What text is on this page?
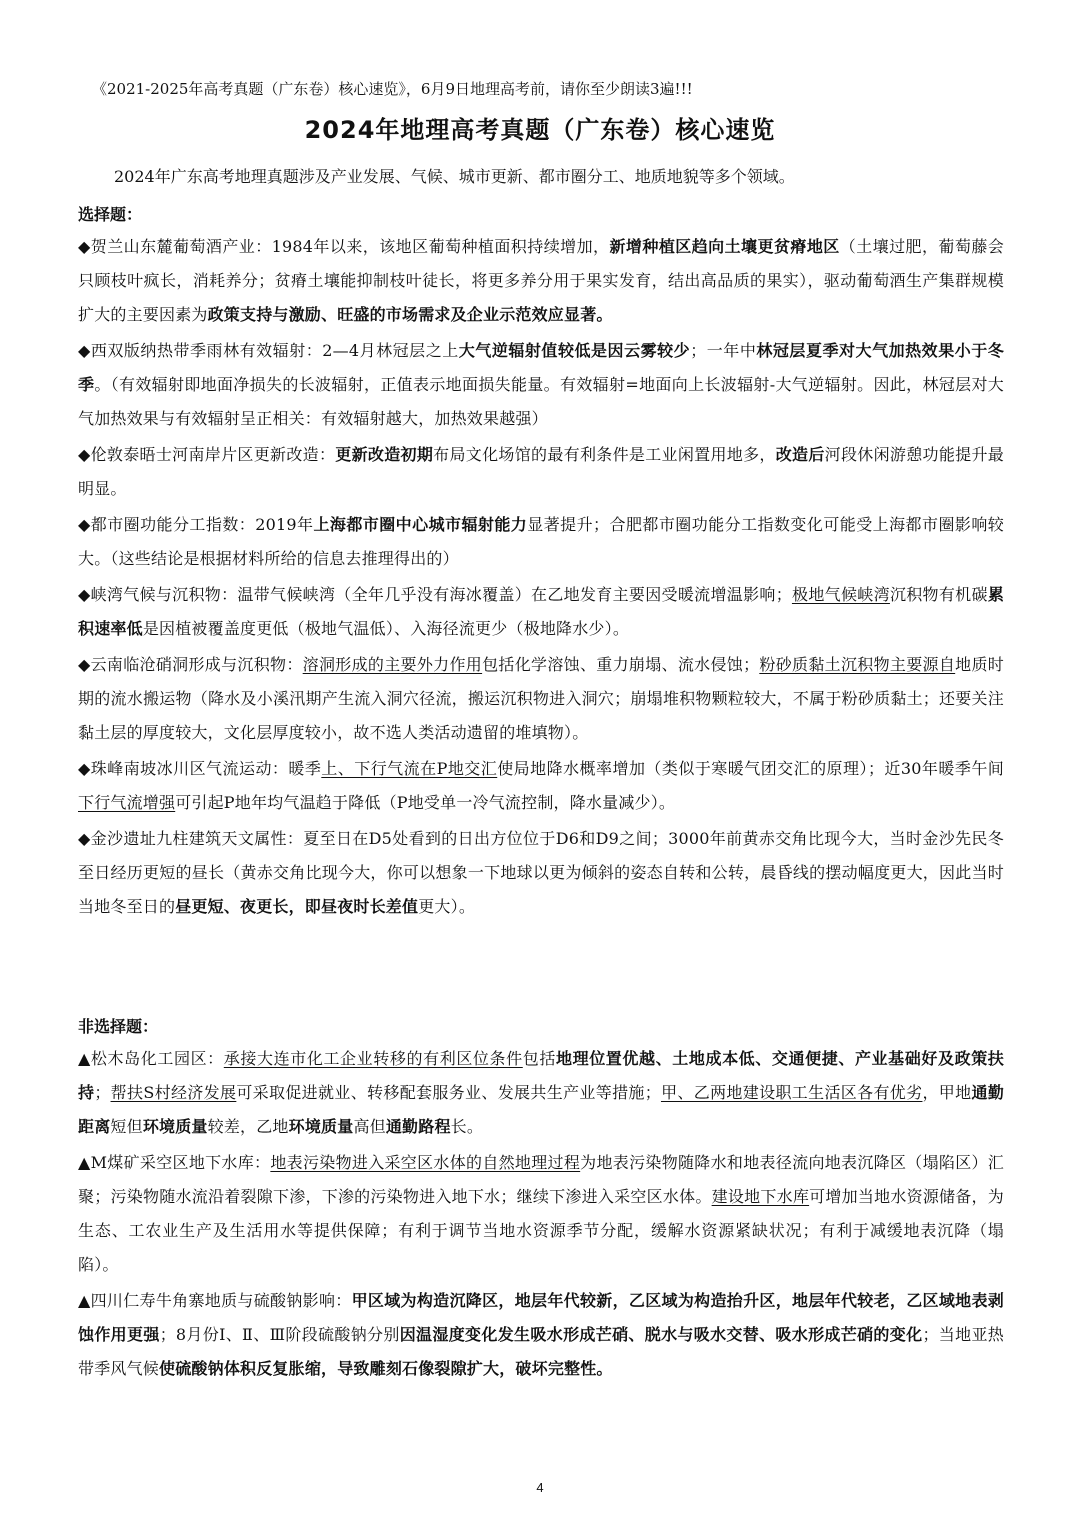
《2021-2025年高考真题（广东卷）核心速览》，6月9日地理高考前，请你至少朗读3遍!!!
2024年地理高考真题（广东卷）核心速览
2024年广东高考地理真题涉及产业发展、气候、城市更新、都市圈分工、地质地貌等多个领域。
选择题：

◆贺兰山东麓葡萄酒产业：1984年以来，该地区葡萄种植面积持续增加，新增种植区趋向土壤更贫瘠地区（土壤过肥，葡萄藤会只顾枝叶疯长，消耗养分；贫瘠土壤能抑制枝叶徒长，将更多养分用于果实发育，结出高品质的果实），驱动葡萄酒生产集群规模扩大的主要因素为政策支持与激励、旺盛的市场需求及企业示范效应显著。

◆西双版纳热带季雨林有效辐射：2—4月林冠层之上大气逆辐射值较低是因云雾较少；一年中林冠层夏季对大气加热效果小于冬季。（有效辐射即地面净损失的长波辐射，正值表示地面损失能量。有效辐射=地面向上长波辐射-大气逆辐射。因此，林冠层对大气加热效果与有效辐射呈正相关：有效辐射越大，加热效果越强）

◆伦敦泰晤士河南岸片区更新改造：更新改造初期布局文化场馆的最有利条件是工业闲置用地多，改造后河段休闲游憩功能提升最明显。

◆都市圈功能分工指数：2019年上海都市圈中心城市辐射能力显著提升；合肥都市圈功能分工指数变化可能受上海都市圈影响较大。（这些结论是根据材料所给的信息去推理得出的）

◆峡湾气候与沉积物：温带气候峡湾（全年几乎没有海冰覆盖）在乙地发育主要因受暖流增温影响；极地气候峡湾沉积物有机碳累积速率低是因植被覆盖度更低（极地气温低）、入海径流更少（极地降水少）。

◆云南临沧硝洞形成与沉积物：溶洞形成的主要外力作用包括化学溶蚀、重力崩塌、流水侵蚀；粉砂质黏土沉积物主要源自地质时期的流水搬运物（降水及小溪汛期产生流入洞穴径流，搬运沉积物进入洞穴；崩塌堆积物颗粒较大，不属于粉砂质黏土；还要关注黏土层的厚度较大，文化层厚度较小，故不选人类活动遗留的堆填物）。

◆珠峰南坡冰川区气流运动：暖季上、下行气流在P地交汇使局地降水概率增加（类似于寒暖气团交汇的原理）；近30年暖季午间下行气流增强可引起P地年均气温趋于降低（P地受单一冷气流控制，降水量减少）。

◆金沙遗址九柱建筑天文属性：夏至日在D5处看到的日出方位位于D6和D9之间；3000年前黄赤交角比现今大，当时金沙先民冬至日经历更短的昼长（黄赤交角比现今大，你可以想象一下地球以更为倾斜的姿态自转和公转，晨昏线的摆动幅度更大，因此当时当地冬至日的昼更短、夜更长，即昼夜时长差值更大）。

非选择题：

▲松木岛化工园区：承接大连市化工企业转移的有利区位条件包括地理位置优越、土地成本低、交通便捷、产业基础好及政策扶持；帮扶S村经济发展可采取促进就业、转移配套服务业、发展共生产业等措施；甲、乙两地建设职工生活区各有优劣，甲地通勤距离短但环境质量较差，乙地环境质量高但通勤路程长。

▲M煤矿采空区地下水库：地表污染物进入采空区水体的自然地理过程为地表污染物随降水和地表径流向地表沉降区（塌陷区）汇聚；污染物随水流沿着裂隙下渗，下渗的污染物进入地下水；继续下渗进入采空区水体。建设地下水库可增加当地水资源储备，为生态、工农业生产及生活用水等提供保障；有利于调节当地水资源季节分配，缓解水资源紧缺状况；有利于减缓地表沉降（塌陷）。

▲四川仁寿牛角寨地质与硫酸钠影响：甲区域为构造沉降区，地层年代较新，乙区域为构造抬升区，地层年代较老，乙区域地表剥蚀作用更强；8月份Ⅰ、Ⅱ、Ⅲ阶段硫酸钠分别因温湿度变化发生吸水形成芒硝、脱水与吸水交替、吸水形成芒硝的变化；当地亚热带季风气候使硫酸钠体积反复胀缩，导致雕刻石像裂隙扩大，破坏完整性。

4
